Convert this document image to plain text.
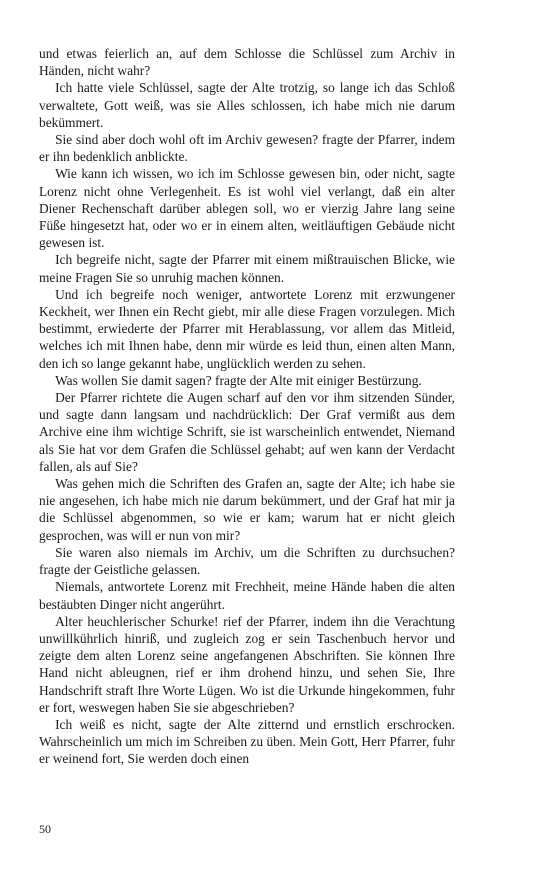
und etwas feierlich an, auf dem Schlosse die Schlüssel zum Archiv in Händen, nicht wahr?

Ich hatte viele Schlüssel, sagte der Alte trotzig, so lange ich das Schloß verwaltete, Gott weiß, was sie Alles schlossen, ich habe mich nie darum bekümmert.

Sie sind aber doch wohl oft im Archiv gewesen? fragte der Pfarrer, indem er ihn bedenklich anblickte.

Wie kann ich wissen, wo ich im Schlosse gewesen bin, oder nicht, sagte Lorenz nicht ohne Verlegenheit. Es ist wohl viel verlangt, daß ein alter Diener Rechenschaft darüber ablegen soll, wo er vierzig Jahre lang seine Füße hingesetzt hat, oder wo er in einem alten, weitläuftigen Gebäude nicht gewesen ist.

Ich begreife nicht, sagte der Pfarrer mit einem mißtrauischen Blicke, wie meine Fragen Sie so unruhig machen können.

Und ich begreife noch weniger, antwortete Lorenz mit erzwungener Keckheit, wer Ihnen ein Recht giebt, mir alle diese Fragen vorzulegen. Mich bestimmt, erwiederte der Pfarrer mit Herablassung, vor allem das Mitleid, welches ich mit Ihnen habe, denn mir würde es leid thun, einen alten Mann, den ich so lange gekannt habe, unglücklich werden zu sehen.

Was wollen Sie damit sagen? fragte der Alte mit einiger Bestürzung.

Der Pfarrer richtete die Augen scharf auf den vor ihm sitzenden Sünder, und sagte dann langsam und nachdrücklich: Der Graf vermißt aus dem Archive eine ihm wichtige Schrift, sie ist warscheinlich entwendet, Niemand als Sie hat vor dem Grafen die Schlüssel gehabt; auf wen kann der Verdacht fallen, als auf Sie?

Was gehen mich die Schriften des Grafen an, sagte der Alte; ich habe sie nie angesehen, ich habe mich nie darum bekümmert, und der Graf hat mir ja die Schlüssel abgenommen, so wie er kam; warum hat er nicht gleich gesprochen, was will er nun von mir?

Sie waren also niemals im Archiv, um die Schriften zu durchsuchen? fragte der Geistliche gelassen.

Niemals, antwortete Lorenz mit Frechheit, meine Hände haben die alten bestäubten Dinger nicht angerührt.

Alter heuchlerischer Schurke! rief der Pfarrer, indem ihn die Verachtung unwillkührlich hinriß, und zugleich zog er sein Taschenbuch hervor und zeigte dem alten Lorenz seine angefangenen Abschriften. Sie können Ihre Hand nicht ableugnen, rief er ihm drohend hinzu, und sehen Sie, Ihre Handschrift straft Ihre Worte Lügen. Wo ist die Urkunde hingekommen, fuhr er fort, weswegen haben Sie sie abgeschrieben?

Ich weiß es nicht, sagte der Alte zitternd und ernstlich erschrocken. Wahrscheinlich um mich im Schreiben zu üben. Mein Gott, Herr Pfarrer, fuhr er weinend fort, Sie werden doch einen

50
